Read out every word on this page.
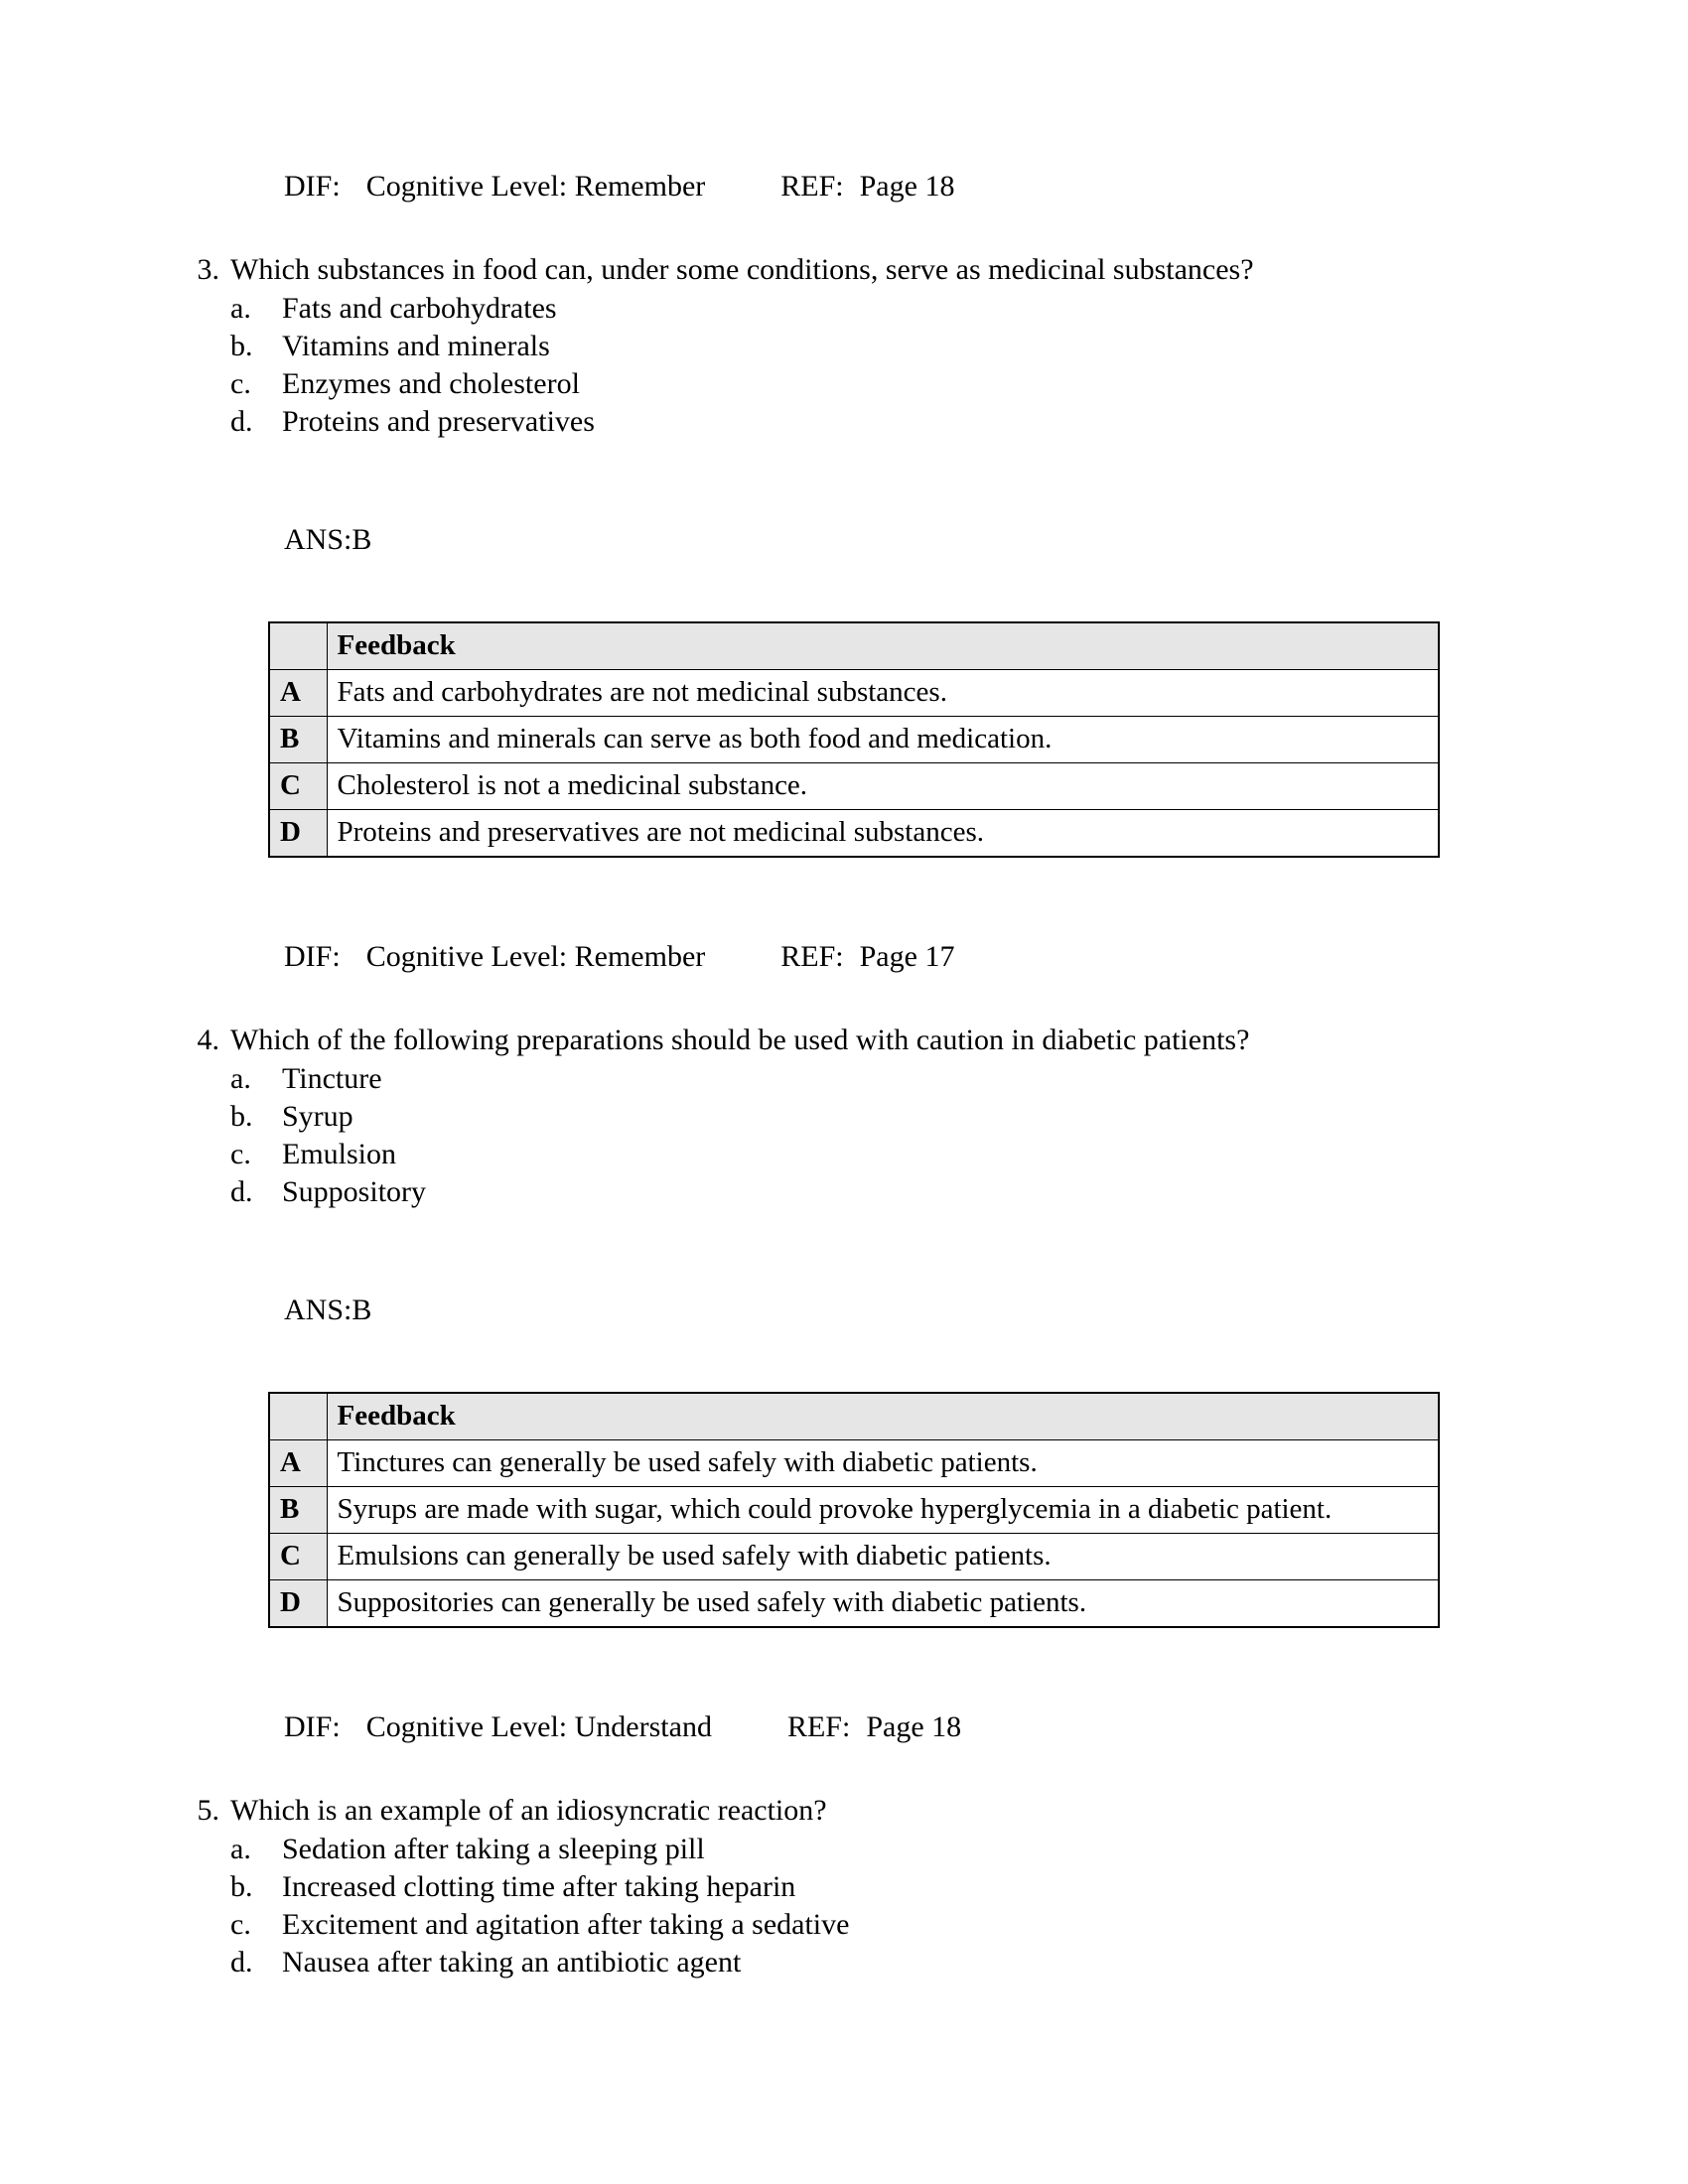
DIF: Cognitive Level: Remember	REF: Page 18

3. Which substances in food can, under some conditions, serve as medicinal substances?
a.	Fats and carbohydrates
b. Vitamins and minerals
c.	Enzymes and cholesterol
d. Proteins and preservatives

ANS:B

	Feedback
A	Fats and carbohydrates are not medicinal substances.
B	Vitamins and minerals can serve as both food and medication.
C	Cholesterol is not a medicinal substance.
D	Proteins and preservatives are not medicinal substances.

DIF: Cognitive Level: Remember	REF: Page 17

4. Which of the following preparations should be used with caution in diabetic patients?
a.	Tincture
b. Syrup
c.	Emulsion
d. Suppository

ANS:B

	Feedback
A	Tinctures can generally be used safely with diabetic patients.
B	Syrups are made with sugar, which could provoke hyperglycemia in a diabetic patient.
C	Emulsions can generally be used safely with diabetic patients.
D	Suppositories can generally be used safely with diabetic patients.

DIF: Cognitive Level: Understand	REF: Page 18

5. Which is an example of an idiosyncratic reaction?
a.	Sedation after taking a sleeping pill
b. Increased clotting time after taking heparin
c.	Excitement and agitation after taking a sedative
d. Nausea after taking an antibiotic agent
